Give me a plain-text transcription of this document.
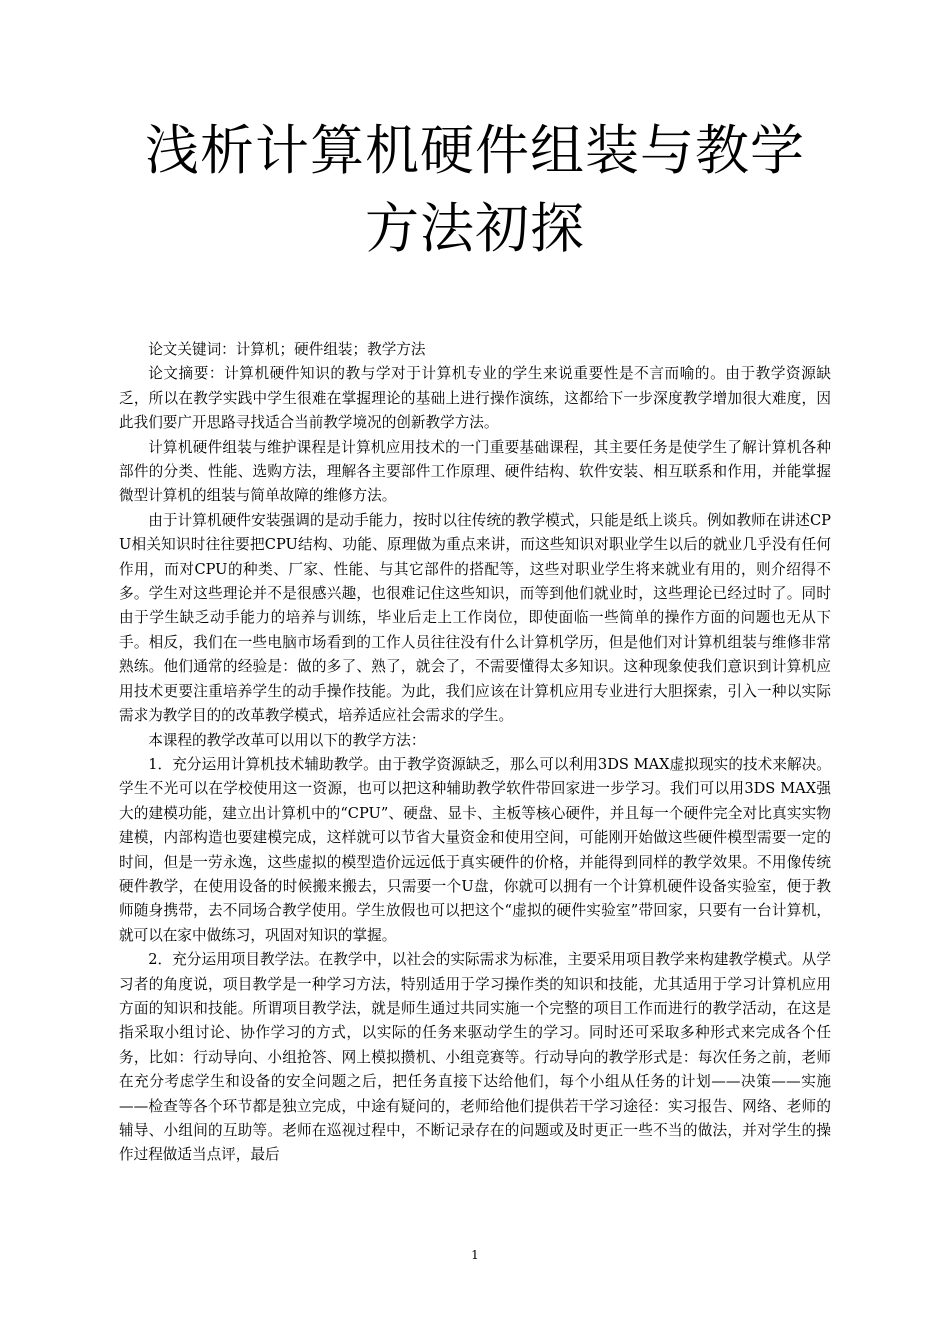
浅析计算机硬件组装与教学
方法初探

论文关键词：计算机；硬件组装；教学方法

论文摘要：计算机硬件知识的教与学对于计算机专业的学生来说重要性是不言而喻的。由于教学资源缺乏，所以在教学实践中学生很难在掌握理论的基础上进行操作演练，这都给下一步深度教学增加很大难度，因此我们要广开思路寻找适合当前教学境况的创新教学方法。

计算机硬件组装与维护课程是计算机应用技术的一门重要基础课程，其主要任务是使学生了解计算机各种部件的分类、性能、选购方法，理解各主要部件工作原理、硬件结构、软件安装、相互联系和作用，并能掌握微型计算机的组装与简单故障的维修方法。

由于计算机硬件安装强调的是动手能力，按时以往传统的教学模式，只能是纸上谈兵。例如教师在讲述CPU相关知识时往往要把CPU结构、功能、原理做为重点来讲，而这些知识对职业学生以后的就业几乎没有任何作用，而对CPU的种类、厂家、性能、与其它部件的搭配等，这些对职业学生将来就业有用的，则介绍得不多。学生对这些理论并不是很感兴趣，也很难记住这些知识，而等到他们就业时，这些理论已经过时了。同时由于学生缺乏动手能力的培养与训练，毕业后走上工作岗位，即使面临一些简单的操作方面的问题也无从下手。相反，我们在一些电脑市场看到的工作人员往往没有什么计算机学历，但是他们对计算机组装与维修非常熟练。他们通常的经验是：做的多了、熟了，就会了，不需要懂得太多知识。这种现象使我们意识到计算机应用技术更要注重培养学生的动手操作技能。为此，我们应该在计算机应用专业进行大胆探索，引入一种以实际需求为教学目的的改革教学模式，培养适应社会需求的学生。

本课程的教学改革可以用以下的教学方法：

1．充分运用计算机技术辅助教学。由于教学资源缺乏，那么可以利用3DS MAX虚拟现实的技术来解决。学生不光可以在学校使用这一资源，也可以把这种辅助教学软件带回家进一步学习。我们可以用3DS MAX强大的建模功能，建立出计算机中的“CPU”、硬盘、显卡、主板等核心硬件，并且每一个硬件完全对比真实实物建模，内部构造也要建模完成，这样就可以节省大量资金和使用空间，可能刚开始做这些硬件模型需要一定的时间，但是一劳永逸，这些虚拟的模型造价远远低于真实硬件的价格，并能得到同样的教学效果。不用像传统硬件教学，在使用设备的时候搬来搬去，只需要一个U盘，你就可以拥有一个计算机硬件设备实验室，便于教师随身携带，去不同场合教学使用。学生放假也可以把这个“虚拟的硬件实验室”带回家，只要有一台计算机，就可以在家中做练习，巩固对知识的掌握。

2．充分运用项目教学法。在教学中，以社会的实际需求为标准，主要采用项目教学来构建教学模式。从学习者的角度说，项目教学是一种学习方法，特别适用于学习操作类的知识和技能，尤其适用于学习计算机应用方面的知识和技能。所谓项目教学法，就是师生通过共同实施一个完整的项目工作而进行的教学活动，在这是指采取小组讨论、协作学习的方式，以实际的任务来驱动学生的学习。同时还可采取多种形式来完成各个任务，比如：行动导向、小组抢答、网上模拟攒机、小组竞赛等。行动导向的教学形式是：每次任务之前，老师在充分考虑学生和设备的安全问题之后，把任务直接下达给他们，每个小组从任务的计划——决策——实施——检查等各个环节都是独立完成，中途有疑问的，老师给他们提供若干学习途径：实习报告、网络、老师的辅导、小组间的互助等。老师在巡视过程中，不断记录存在的问题或及时更正一些不当的做法，并对学生的操作过程做适当点评，最后

1
